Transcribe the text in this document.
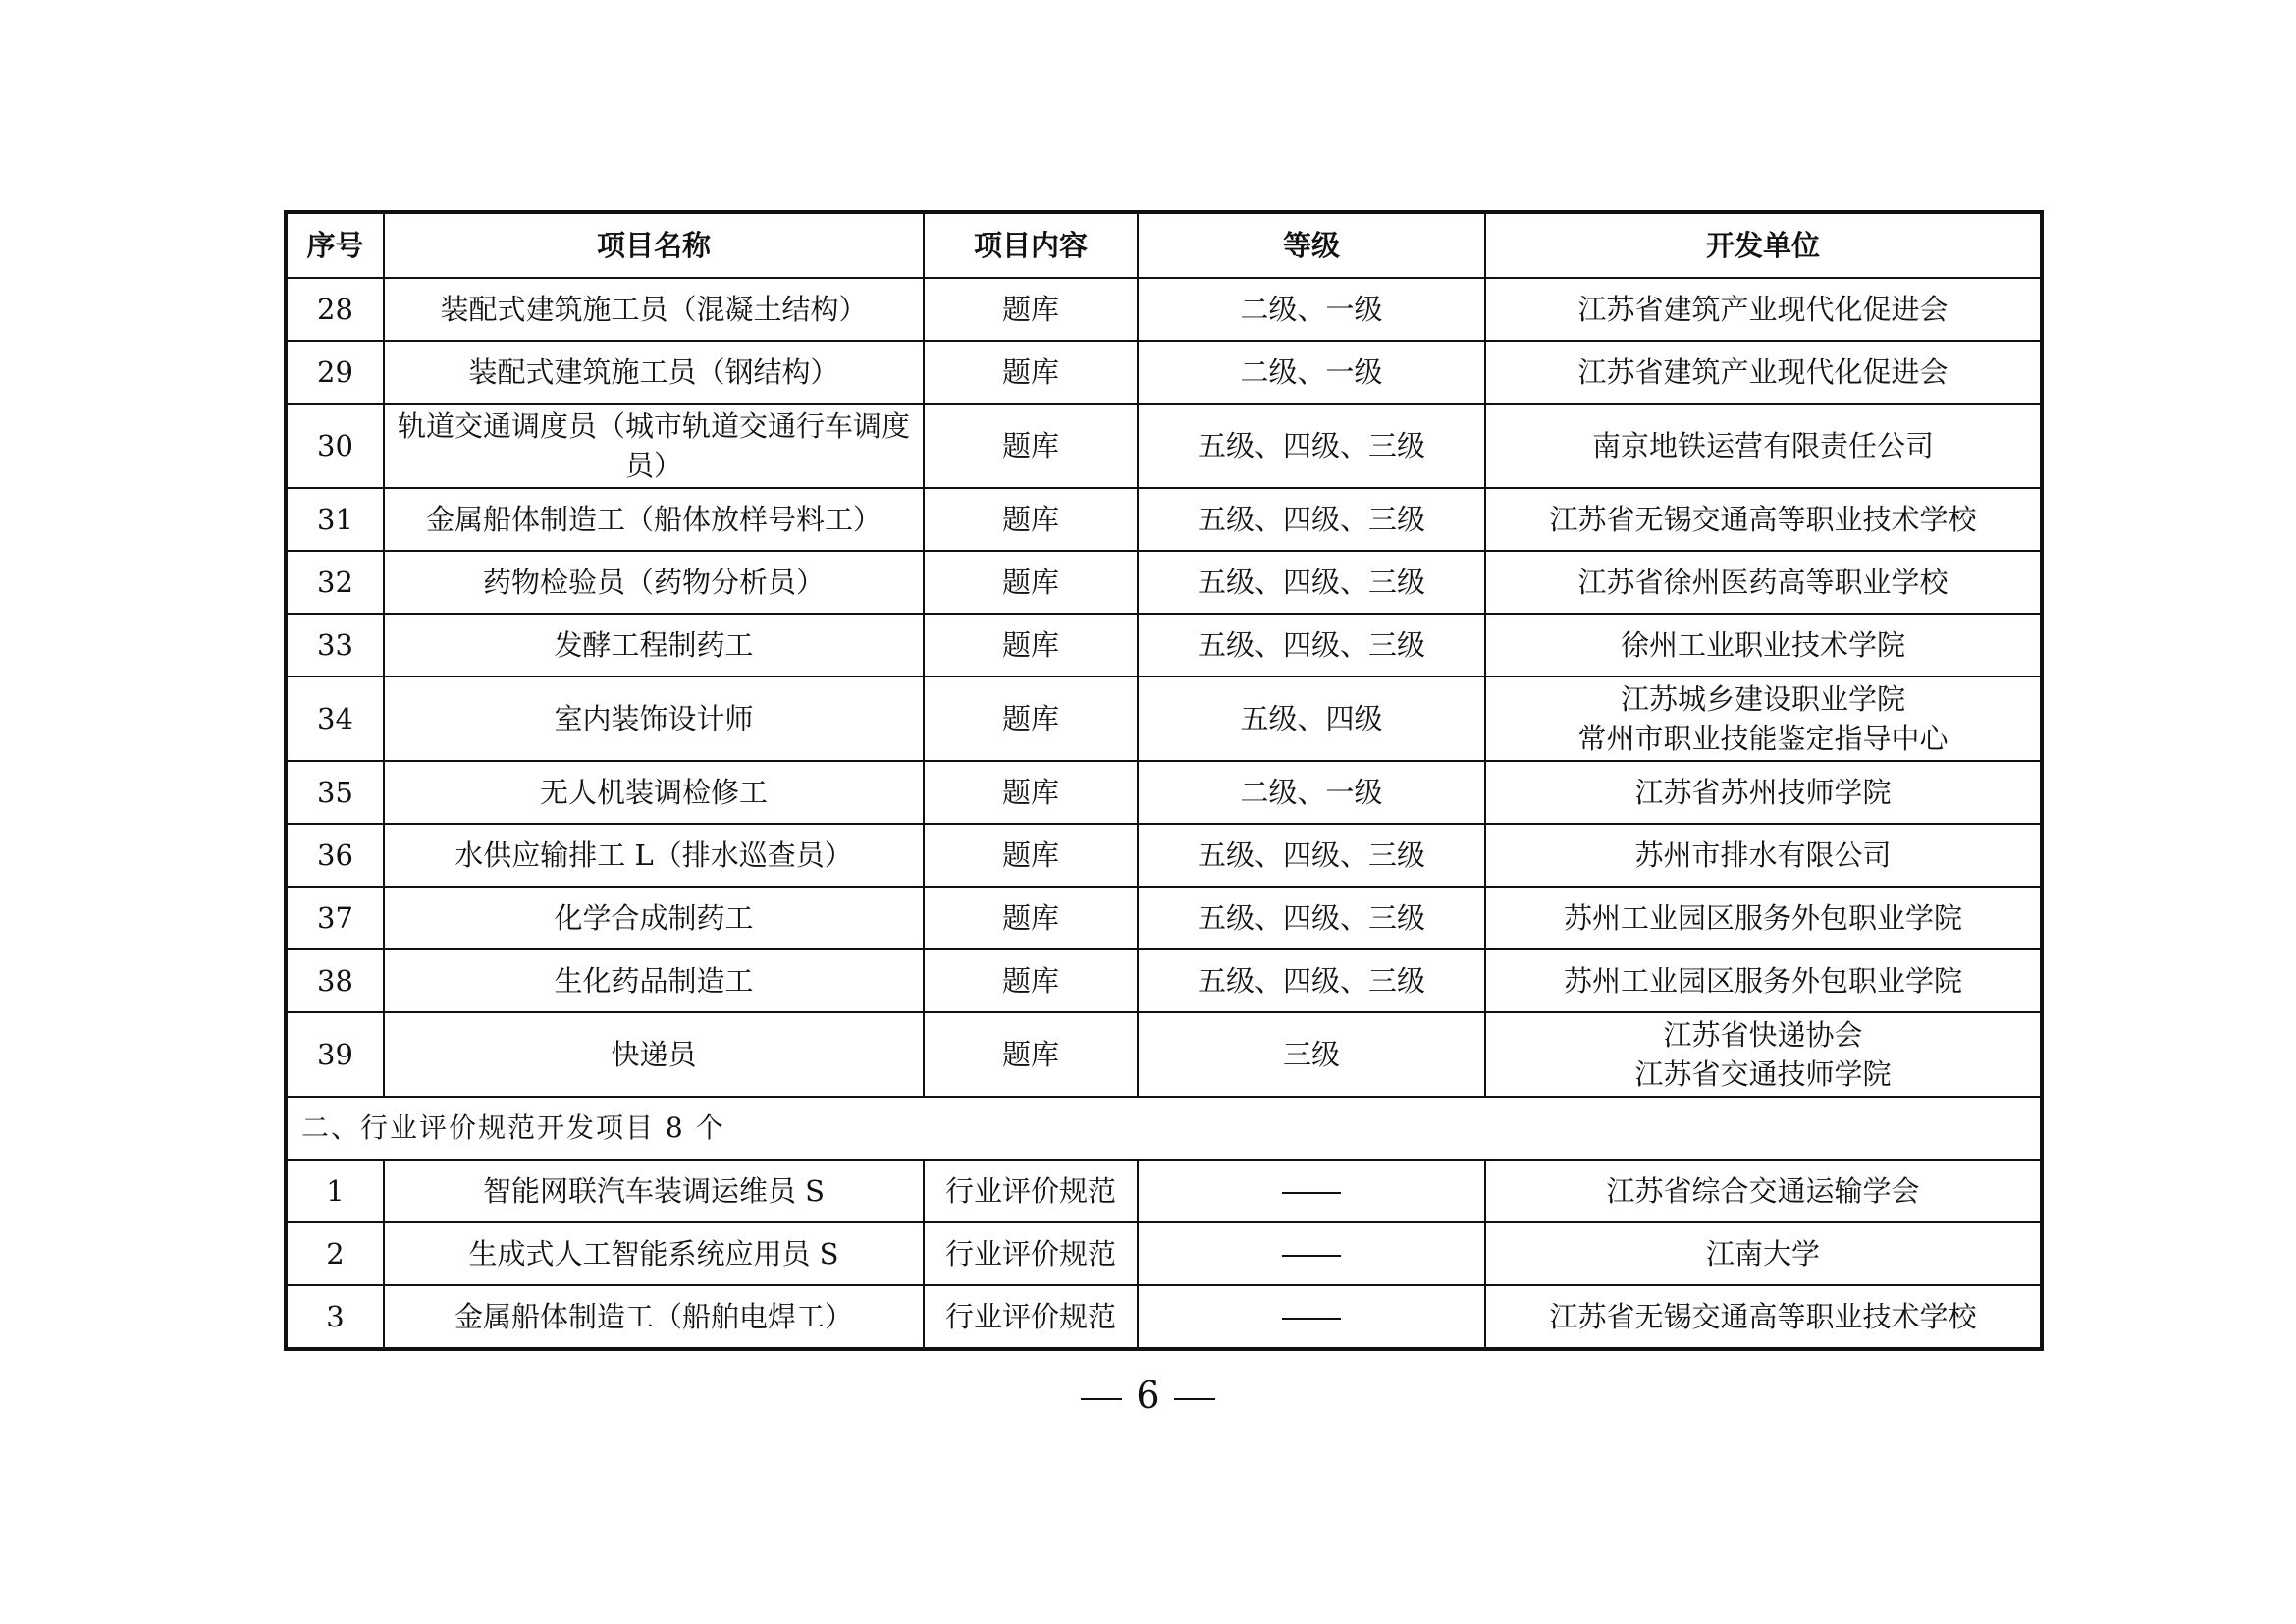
序号	项目名称	项目内容	等级	开发单位
28	装配式建筑施工员（混凝土结构）	题库	二级、一级	江苏省建筑产业现代化促进会
29	装配式建筑施工员（钢结构）	题库	二级、一级	江苏省建筑产业现代化促进会
30	轨道交通调度员（城市轨道交通行车调度
员）	题库	五级、四级、三级	南京地铁运营有限责任公司
31	金属船体制造工（船体放样号料工）	题库	五级、四级、三级	江苏省无锡交通高等职业技术学校
32	药物检验员（药物分析员）	题库	五级、四级、三级	江苏省徐州医药高等职业学校
33	发酵工程制药工	题库	五级、四级、三级	徐州工业职业技术学院
34	室内装饰设计师	题库	五级、四级	江苏城乡建设职业学院
常州市职业技能鉴定指导中心

35	无人机装调检修工	题库	二级、一级	江苏省苏州技师学院
36	水供应输排工 L（排水巡查员）	题库	五级、四级、三级	苏州市排水有限公司
37	化学合成制药工	题库	五级、四级、三级	苏州工业园区服务外包职业学院
38	生化药品制造工	题库	五级、四级、三级	苏州工业园区服务外包职业学院
39	快递员	题库	三级	江苏省快递协会
江苏省交通技师学院

二、行业评价规范开发项目 8 个				
1	智能网联汽车装调运维员 S	行业评价规范		江苏省综合交通运输学会
2	生成式人工智能系统应用员 S	行业评价规范		江南大学
3	金属船体制造工（船舶电焊工）	行业评价规范		江苏省无锡交通高等职业技术学校
6
